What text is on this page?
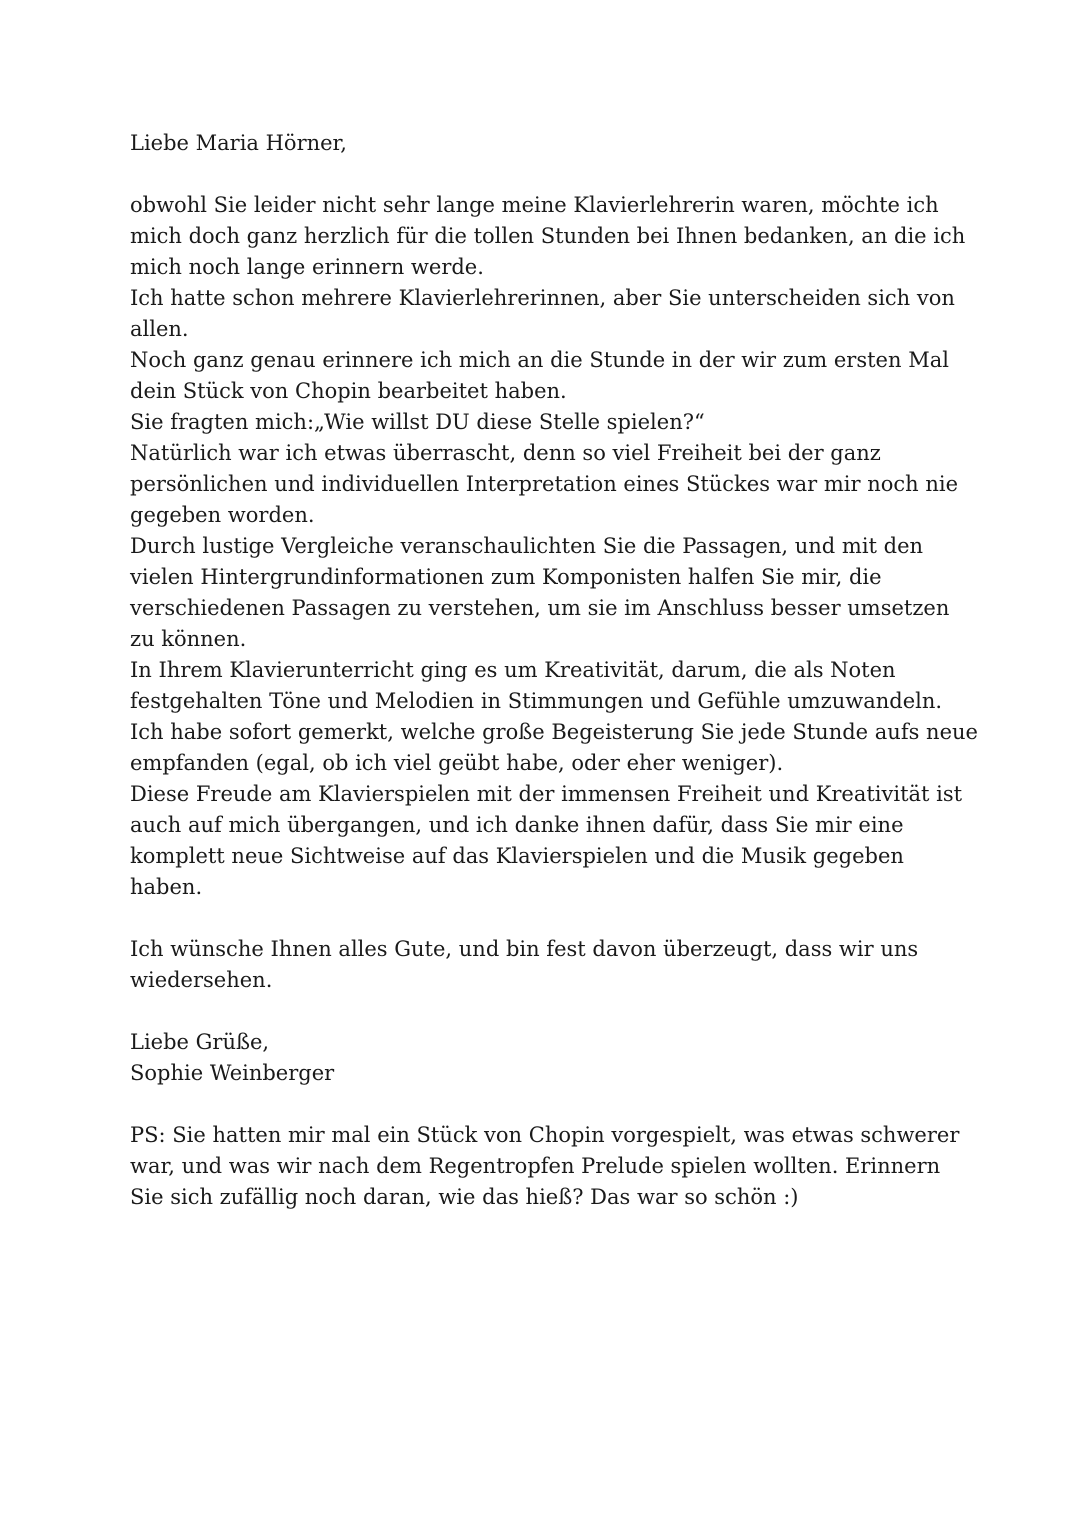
Liebe Maria Hörner,
obwohl Sie leider nicht sehr lange meine Klavierlehrerin waren, möchte ich
mich doch ganz herzlich für die tollen Stunden bei Ihnen bedanken, an die ich
mich noch lange erinnern werde.
Ich hatte schon mehrere Klavierlehrerinnen, aber Sie unterscheiden sich von
allen.
Noch ganz genau erinnere ich mich an die Stunde in der wir zum ersten Mal
dein Stück von Chopin bearbeitet haben.
Sie fragten mich:„Wie willst DU diese Stelle spielen?“
Natürlich war ich etwas überrascht, denn so viel Freiheit bei der ganz
persönlichen und individuellen Interpretation eines Stückes war mir noch nie
gegeben worden.
Durch lustige Vergleiche veranschaulichten Sie die Passagen, und mit den
vielen Hintergrundinformationen zum Komponisten halfen Sie mir, die
verschiedenen Passagen zu verstehen, um sie im Anschluss besser umsetzen
zu können.
In Ihrem Klavierunterricht ging es um Kreativität, darum, die als Noten
festgehalten Töne und Melodien in Stimmungen und Gefühle umzuwandeln.
Ich habe sofort gemerkt, welche große Begeisterung Sie jede Stunde aufs neue
empfanden (egal, ob ich viel geübt habe, oder eher weniger).
Diese Freude am Klavierspielen mit der immensen Freiheit und Kreativität ist
auch auf mich übergangen, und ich danke ihnen dafür, dass Sie mir eine
komplett neue Sichtweise auf das Klavierspielen und die Musik gegeben
haben.
Ich wünsche Ihnen alles Gute, und bin fest davon überzeugt, dass wir uns
wiedersehen.
Liebe Grüße,
Sophie Weinberger
PS: Sie hatten mir mal ein Stück von Chopin vorgespielt, was etwas schwerer
war, und was wir nach dem Regentropfen Prelude spielen wollten. Erinnern
Sie sich zufällig noch daran, wie das hieß? Das war so schön :)
